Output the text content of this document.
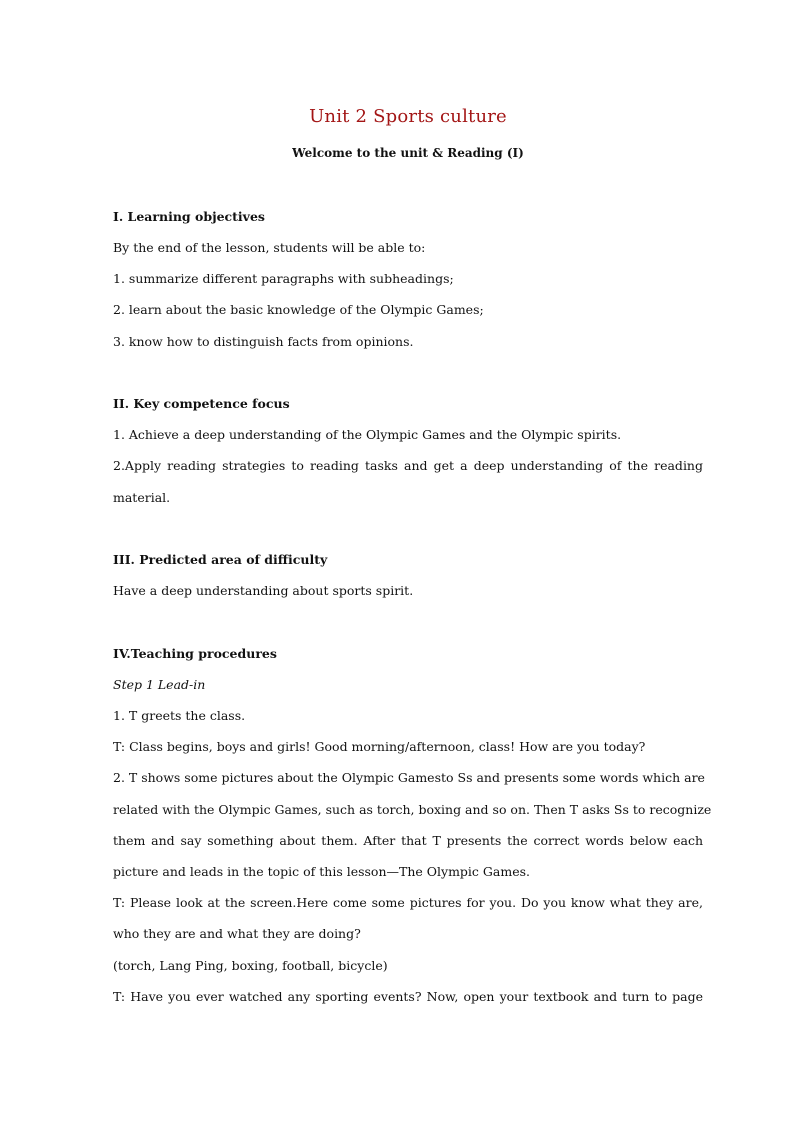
Unit 2 Sports culture
Welcome to the unit & Reading (I)
I. Learning objectives
By the end of the lesson, students will be able to:
1. summarize different paragraphs with subheadings;
2. learn about the basic knowledge of the Olympic Games;
3. know how to distinguish facts from opinions.
II. Key competence focus
1. Achieve a deep understanding of the Olympic Games and the Olympic spirits.
2.Apply reading strategies to reading tasks and get a deep understanding of the reading
material.
III. Predicted area of difficulty
Have a deep understanding about sports spirit.
IV.Teaching procedures
Step 1 Lead-in
1. T greets the class.
T: Class begins, boys and girls! Good morning/afternoon, class! How are you today?
2. T shows some pictures about the Olympic Gamesto Ss and presents some words which are
related with the Olympic Games, such as torch, boxing and so on. Then T asks Ss to recognize
them and say something about them. After that T presents the correct words below each
picture and leads in the topic of this lesson—The Olympic Games.
T: Please look at the screen.Here come some pictures for you. Do you know what they are,
who they are and what they are doing?
(torch, Lang Ping, boxing, football, bicycle)
T: Have you ever watched any sporting events? Now, open your textbook and turn to page
